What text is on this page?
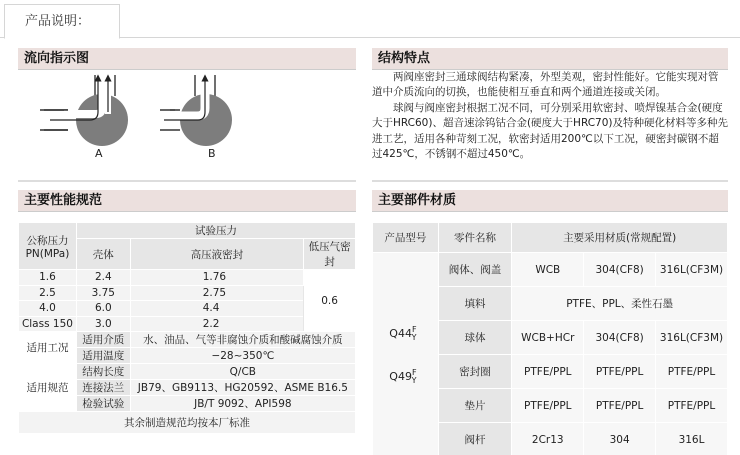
产品说明：
流向指示图	结构特点
A	B

两阀座密封三通球阀结构紧凑，外型美观，密封性能好。它能实现对管道中介质流向的切换，也能使相互垂直和两个通道连接或关闭。

球阀与阀座密封根据工况不同，可分别采用软密封、喷焊镍基合金(硬度大于HRC60)、超音速涂钨钴合金(硬度大于HRC70)及特种硬化材料等多种先进工艺，适用各种苛刻工况，软密封适用200℃以下工况，硬密封碳钢不超过425℃，不锈钢不超过450℃。

主要性能规范	主要部件材质
公称压力
PN(MPa)	试验压力		
	壳体	高压液密封	低压气密封
1.6	2.4	1.76	0.6
2.5	3.75	2.75	
4.0	6.0	4.4	
Class 150	3.0	2.2	
适用工况	适用介质	水、油品、气等非腐蚀介质和酸碱腐蚀介质	
	适用温度	−28~350℃	
适用规范	结构长度	Q/CB	
	连接法兰	JB79、GB9113、HG20592、ASME B16.5	
	检验试验	JB/T 9092、API598	
其余制造规范均按本厂标准			
产品型号	零件名称	主要采用材质(常规配置)		

$Q44^F_Y$
$Q49^F_Y$	阀体、阀盖	WCB	304(CF8)	316L(CF3M)
	填料	PTFE、PPL、柔性石墨		
	球体	WCB+HCr	304(CF8)	316L(CF3M)
	密封圈	PTFE/PPL	PTFE/PPL	PTFE/PPL
	垫片	PTFE/PPL	PTFE/PPL	PTFE/PPL
	阀杆	2Cr13	304	316L
